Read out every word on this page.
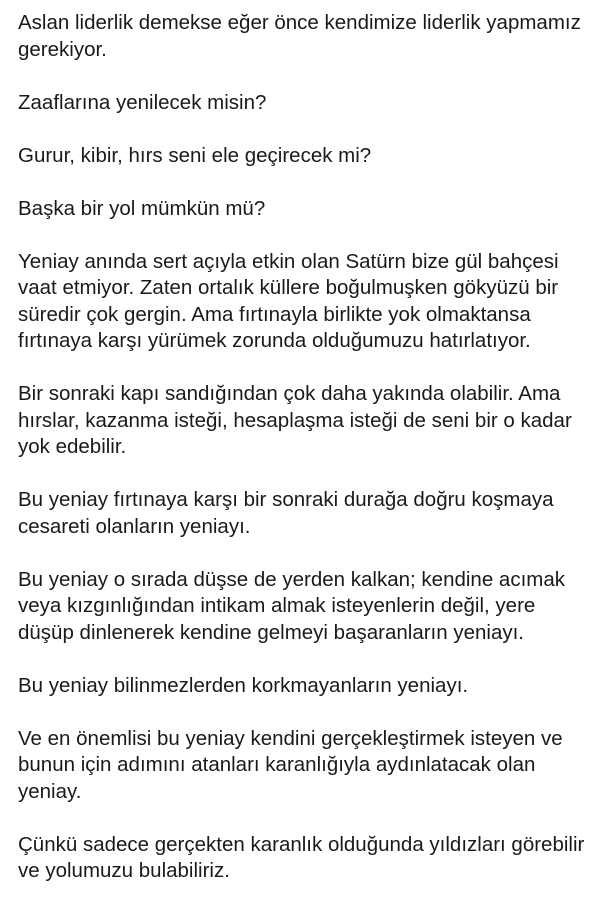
Aslan liderlik demekse eğer önce kendimize liderlik yapmamız
gerekiyor.

Zaaflarına yenilecek misin?

Gurur, kibir, hırs seni ele geçirecek mi?

Başka bir yol mümkün mü?

Yeniay anında sert açıyla etkin olan Satürn bize gül bahçesi
vaat etmiyor. Zaten ortalık küllere boğulmuşken gökyüzü bir
süredir çok gergin. Ama fırtınayla birlikte yok olmaktansa
fırtınaya karşı yürümek zorunda olduğumuzu hatırlatıyor.

Bir sonraki kapı sandığından çok daha yakında olabilir. Ama
hırslar, kazanma isteği, hesaplaşma isteği de seni bir o kadar
yok edebilir.

Bu yeniay fırtınaya karşı bir sonraki durağa doğru koşmaya
cesareti olanların yeniayı.

Bu yeniay o sırada düşse de yerden kalkan; kendine acımak
veya kızgınlığından intikam almak isteyenlerin değil, yere
düşüp dinlenerek kendine gelmeyi başaranların yeniayı.

Bu yeniay bilinmezlerden korkmayanların yeniayı.

Ve en önemlisi bu yeniay kendini gerçekleştirmek isteyen ve
bunun için adımını atanları karanlığıyla aydınlatacak olan
yeniay.

Çünkü sadece gerçekten karanlık olduğunda yıldızları görebilir
ve yolumuzu bulabiliriz.
